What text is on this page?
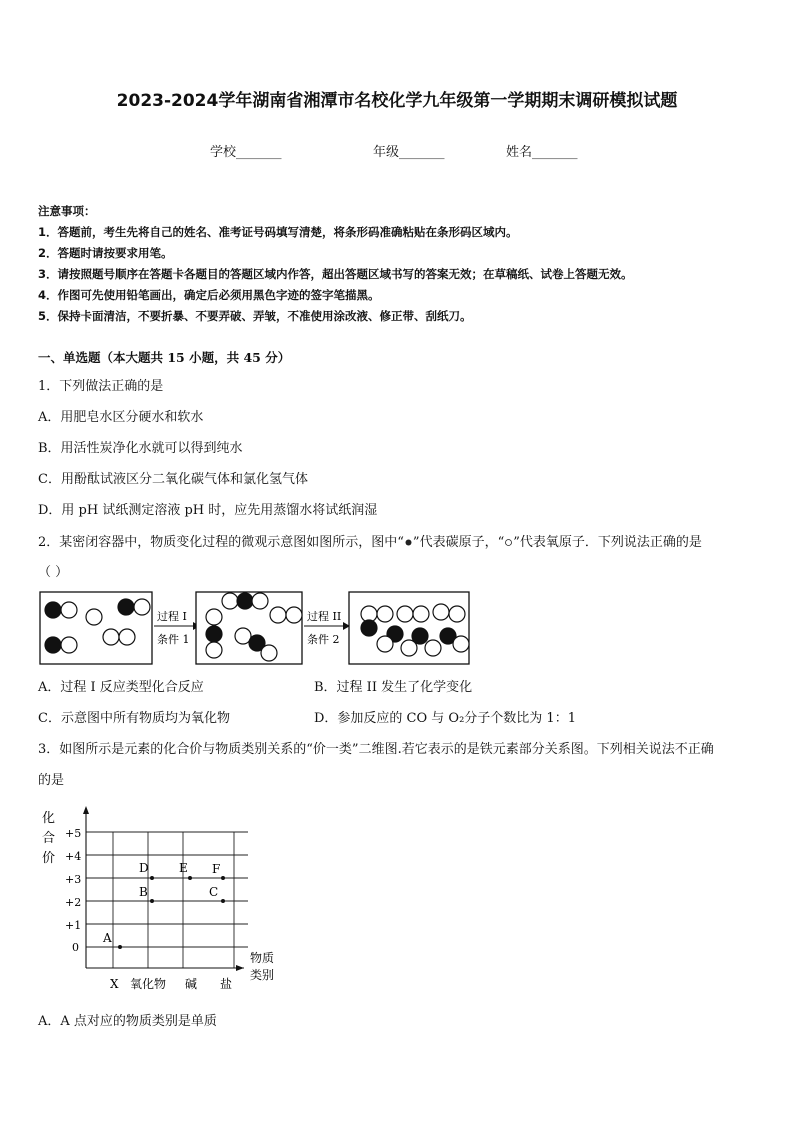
2023-2024学年湖南省湘潭市名校化学九年级第一学期期末调研模拟试题
学校_______	年级_______	姓名_______
注意事项：
1．答题前，考生先将自己的姓名、准考证号码填写清楚，将条形码准确粘贴在条形码区域内。
2．答题时请按要求用笔。
3．请按照题号顺序在答题卡各题目的答题区域内作答，超出答题区域书写的答案无效；在草稿纸、试卷上答题无效。
4．作图可先使用铅笔画出，确定后必须用黑色字迹的签字笔描黑。
5．保持卡面清洁，不要折暴、不要弄破、弄皱，不准使用涂改液、修正带、刮纸刀。
一、单选题（本大题共 15 小题，共 45 分）
1．下列做法正确的是
A．用肥皂水区分硬水和软水
B．用活性炭净化水就可以得到纯水
C．用酚酞试液区分二氧化碳气体和氯化氢气体
D．用 pH 试纸测定溶液 pH 时，应先用蒸馏水将试纸润湿
2．某密闭容器中，物质变化过程的微观示意图如图所示，图中“ ”代表碳原子，“ ”代表氧原子．下列说法正确的是
（ ）
过程 I
条件 1
过程 II
条件 2
A．过程 I 反应类型化合反应	B．过程 II 发生了化学变化
C．示意图中所有物质均为氧化物	D．参加反应的 CO 与 O₂分子个数比为 1：1
3．如图所示是元素的化合价与物质类别关系的“价一类”二维图.若它表示的是铁元素部分关系图。下列相关说法不正确
的是
化
合
价
+5
+4
+3
+2
+1
0
X 氧化物 碱 盐
物质
类别
A
B
D	E F
C
A．A 点对应的物质类别是单质
